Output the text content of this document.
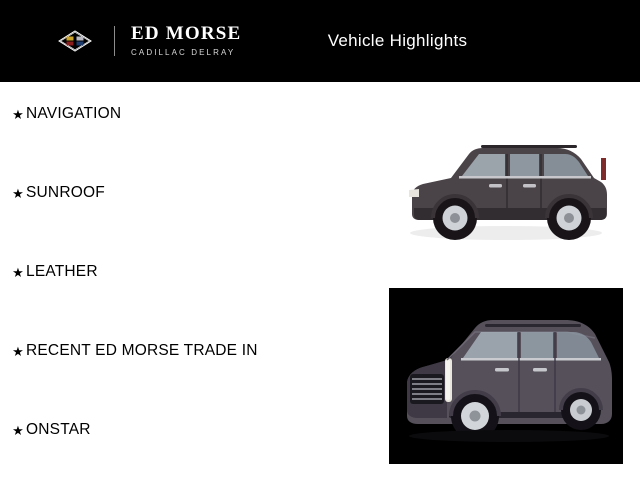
ED MORSE
CADILLAC DELRAY
Vehicle Highlights
★ NAVIGATION
★ SUNROOF
★ LEATHER
★ RECENT ED MORSE TRADE IN
★ ONSTAR
